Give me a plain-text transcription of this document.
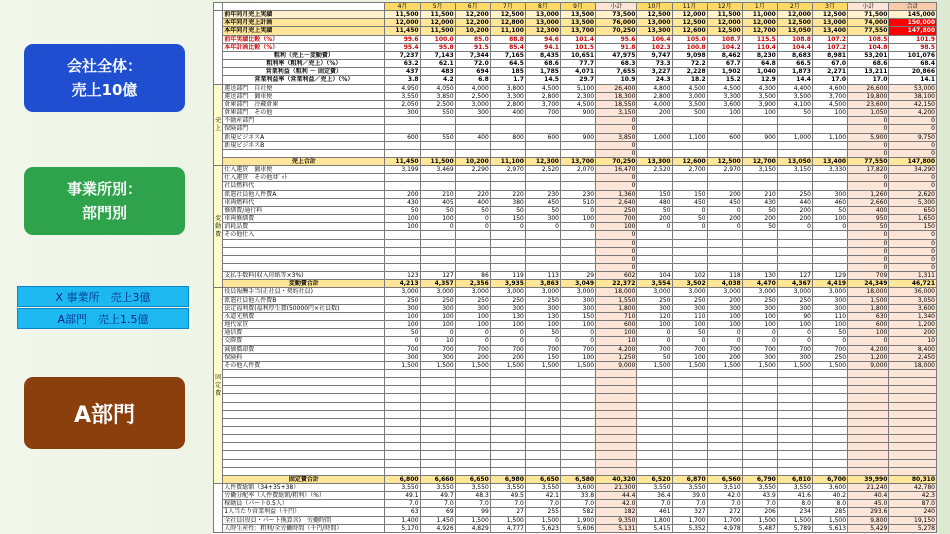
会社全体：
売上10億
事業所別：
部門別
X 事業所　売上3億
A部門　売上1.5億
A部門
		4月	5月	6月	7月	8月	9月	小計	10月	11月	12月	1月	2月	3月	小計	合計
	前年同月売上実績	11,500	11,500	12,200	12,500	13,000	13,500	73,500	12,500	12,000	11,500	11,000	12,000	12,500	71,500	145,000
	本年同月売上計画	12,000	12,000	12,200	12,800	13,000	13,500	76,000	13,000	12,500	12,000	12,000	12,500	13,000	74,000	150,000
	本年同月売上実績	11,450	11,500	10,200	11,100	12,300	13,700	70,250	13,300	12,600	12,500	12,700	13,050	13,400	77,550	147,800
	前年実績比較（%）	99.6	100.0	85.0	88.8	94.6	101.4	95.6	106.4	105.0	108.7	115.5	108.8	107.2	108.5	101.9
	本年計画比較（%）	95.4	95.8	91.5	85.4	94.1	101.5	91.8	102.3	100.8	104.2	110.4	104.4	107.2	104.8	98.5
	粗利（売上－変動費）	7,237	7,143	7,344	7,165	8,435	10,651	47,975	9,747	9,098	8,462	8,230	8,683	8,981	53,201	101,076
	粗利率（粗利／売上）（%）	63.2	62.1	72.0	64.5	68.6	77.7	68.3	73.3	72.2	67.7	64.8	66.5	67.0	68.6	68.4
	営業利益（粗利 － 固定費）	437	483	694	185	1,785	4,071	7,655	3,227	2,228	1,902	1,040	1,873	2,271	13,211	20,866
	営業利益率（営業利益／売上）（%）	3.8	4.2	6.8	1.7	14.5	29.7	10.9	24.3	18.2	15.2	12.9	14.4	17.0	17.0	14.1
売上	運送部門　自社便	4,950	4,050	4,000	3,800	4,500	5,100	26,400	4,800	4,500	4,500	4,300	4,400	4,600	26,600	53,000
	運送部門　傭車便	3,550	3,850	2,500	3,300	2,800	2,300	18,300	2,800	3,000	3,300	3,500	3,500	3,700	19,800	38,100
	倉庫部門　冷蔵倉庫	2,050	2,500	3,000	2,800	3,700	4,500	18,550	4,000	3,500	3,600	3,900	4,100	4,500	23,600	42,150
	倉庫部門　その他	300	550	300	400	700	900	3,150	200	500	100	100	50	100	1,050	4,200
	不動産部門							0							0	0
	保険部門							0							0	0
	新規ビジネスA	600	550	400	800	600	900	3,850	1,000	1,100	600	900	1,000	1,100	5,900	9,750
	新規ビジネスB							0							0	0
								0							0	0
	売上合計	11,450	11,500	10,200	11,100	12,300	13,700	70,250	13,300	12,600	12,500	12,700	13,050	13,400	77,550	147,800
変動費	仕入運賃　傭車便	3,199	3,469	2,290	2,970	2,520	2,070	16,470	2,520	2,700	2,970	3,150	3,150	3,330	17,820	34,290
	仕入運賃　その他ｽﾎﾟｯﾄ							0							0	0
	社員燃料代							0							0	0
	派遣社員他人件費A	200	210	220	220	230	230	1,360	150	150	200	210	250	300	1,260	2,620
	車両燃料代	430	405	400	380	450	510	2,640	480	450	450	430	440	460	2,660	5,300
	修繕費/通行料	50	50	50	50	50	0	250	50	0	0	50	200	50	400	650
	車両修繕費	100	100	0	150	300	100	700	200	50	200	200	200	100	950	1,650
	消耗品費	100	0	0	0	0	0	100	0	0	0	50	0	0	50	150
	その他仕入							0							0	0
								0							0	0
								0							0	0
								0							0	0
								0							0	0
	支払手数料(収入印紙等×3%)	123	127	86	119	113	29	602	104	102	118	130	127	129	709	1,311
	変動費合計	4,213	4,357	2,356	3,935	3,863	3,049	22,372	3,554	3,502	4,038	4,470	4,367	4,419	24,349	46,721
固定費	役員報酬手当(正社員・契約社員)	3,000	3,000	3,000	3,000	3,000	3,000	18,000	3,000	3,000	3,000	3,000	3,000	3,000	18,000	36,000
	派遣社員他人件費B	250	250	250	250	250	300	1,550	250	250	200	250	250	300	1,500	3,050
	法定福利費(福利厚生費(50000円×社員数)	300	300	300	300	300	300	1,800	300	300	300	300	300	300	1,800	3,600
	水道光熱費	100	100	100	130	130	150	710	120	110	100	100	90	110	630	1,340
	地代家賃	100	100	100	100	100	100	600	100	100	100	100	100	100	600	1,200
	通信費	50	0	0	0	50	0	100	0	50	0	0	0	50	100	200
	交際費	0	10	0	0	0	0	10	0	0	0	0	0	0	0	10
	減価償却費	700	700	700	700	700	700	4,200	700	700	700	700	700	700	4,200	8,400
	保険料	300	300	200	200	150	100	1,250	50	100	200	300	300	250	1,200	2,450
	その他人件費	1,500	1,500	1,500	1,500	1,500	1,500	9,000	1,500	1,500	1,500	1,500	1,500	1,500	9,000	18,000

	固定費合計	6,800	6,660	6,650	6,980	6,650	6,580	40,320	6,520	6,870	6,560	6,790	6,810	6,700	39,990	80,310
	人件費総額（34+35+38）	3,550	3,550	3,550	3,550	3,550	3,600	21,300	3,550	3,550	3,510	3,550	3,550	3,600	21,240	42,780
	労働分配率（人件費総額/粗利）（%）	49.1	49.7	48.3	49.5	42.1	33.8	44.4	36.4	39.0	42.0	43.9	41.6	40.2	40.4	42.3
	稼動員（パート0.5人）	7.0	7.0	7.0	7.0	7.0	7.0	42.0	7.0	7.0	7.0	7.0	8.0	8.0	45.0	87.0
	1人当たり営業利益（千円）	63	69	99	27	255	582	182	461	327	272	206	234	285	293.6	240
	全社員(役員・パート換算含)　労働時間	1,400	1,450	1,500	1,500	1,500	1,900	9,350	1,800	1,700	1,700	1,500	1,500	1,500	9,800	19,150
	人時生産性：粗利/全労働時間（千円/時間）	5,170	4,926	4,829	4,777	5,623	5,606	5,131	5,415	5,352	4,978	5,487	5,789	5,613	5,429	5,278
